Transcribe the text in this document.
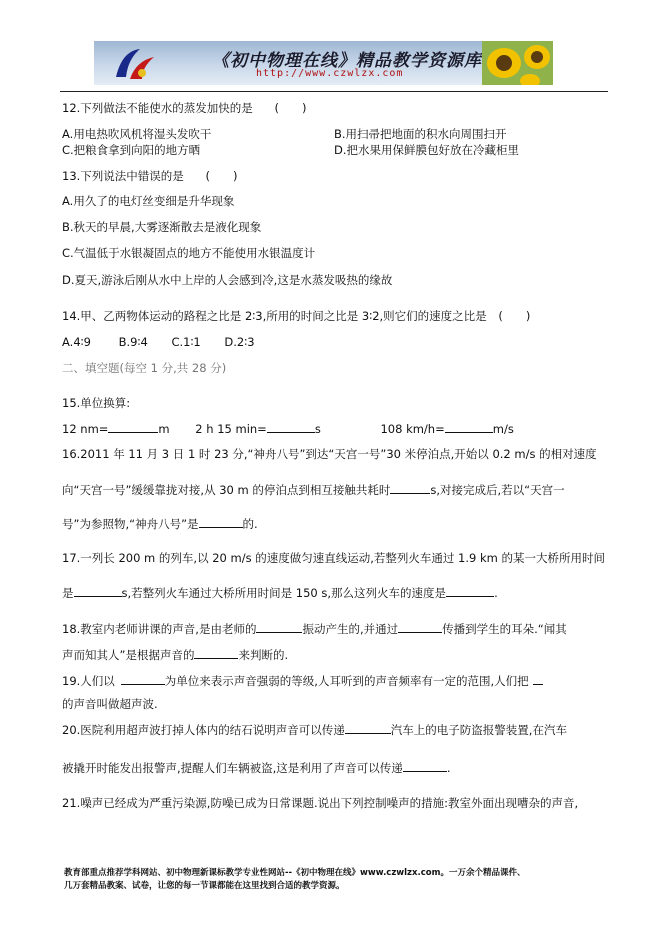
《初中物理在线》精品教学资源库
http://www.czwlzx.com
12.下列做法不能使水的蒸发加快的是 (　　)
A.用电热吹风机将湿头发吹干	B.用扫帚把地面的积水向周围扫开
C.把粮食拿到向阳的地方晒	D.把水果用保鲜膜包好放在冷藏柜里
13.下列说法中错误的是 (　　)
A.用久了的电灯丝变细是升华现象
B.秋天的早晨,大雾逐渐散去是液化现象
C.气温低于水银凝固点的地方不能使用水银温度计
D.夏天,游泳后刚从水中上岸的人会感到冷,这是水蒸发吸热的缘故
14.甲、乙两物体运动的路程之比是 2∶3,所用的时间之比是 3∶2,则它们的速度之比是 (　　)
A.4∶9 B.9∶4 C.1∶1 D.2∶3
二、填空题(每空 1 分,共 28 分)
15.单位换算:
12 nm=	m 2 h 15 min=	s	108 km/h=	m/s
16.2011 年 11 月 3 日 1 时 23 分,“神舟八号”到达“天宫一号”30 米停泊点,开始以 0.2 m/s 的相对速度
向“天宫一号”缓缓靠拢对接,从 30 m 的停泊点到相互接触共耗时	s,对接完成后,若以“天宫一
号”为参照物,“神舟八号”是	的.
17.一列长 200 m 的列车,以 20 m/s 的速度做匀速直线运动,若整列火车通过 1.9 km 的某一大桥所用时间
是	s,若整列火车通过大桥所用时间是 150 s,那么这列火车的速度是	.
18.教室内老师讲课的声音,是由老师的	振动产生的,并通过	传播到学生的耳朵.“闻其
声而知其人”是根据声音的	来判断的.
19.人们以	为单位来表示声音强弱的等级,人耳听到的声音频率有一定的范围,人们把
的声音叫做超声波.
20.医院利用超声波打掉人体内的结石说明声音可以传递	汽车上的电子防盗报警装置,在汽车
被撬开时能发出报警声,提醒人们车辆被盗,这是利用了声音可以传递	.
21.噪声已经成为严重污染源,防噪已成为日常课题.说出下列控制噪声的措施:教室外面出现嘈杂的声音,
教育部重点推荐学科网站、初中物理新课标教学专业性网站--《初中物理在线》www.czwlzx.com。一万余个精品课件、
几万套精品教案、试卷，让您的每一节课都能在这里找到合适的教学资源。
